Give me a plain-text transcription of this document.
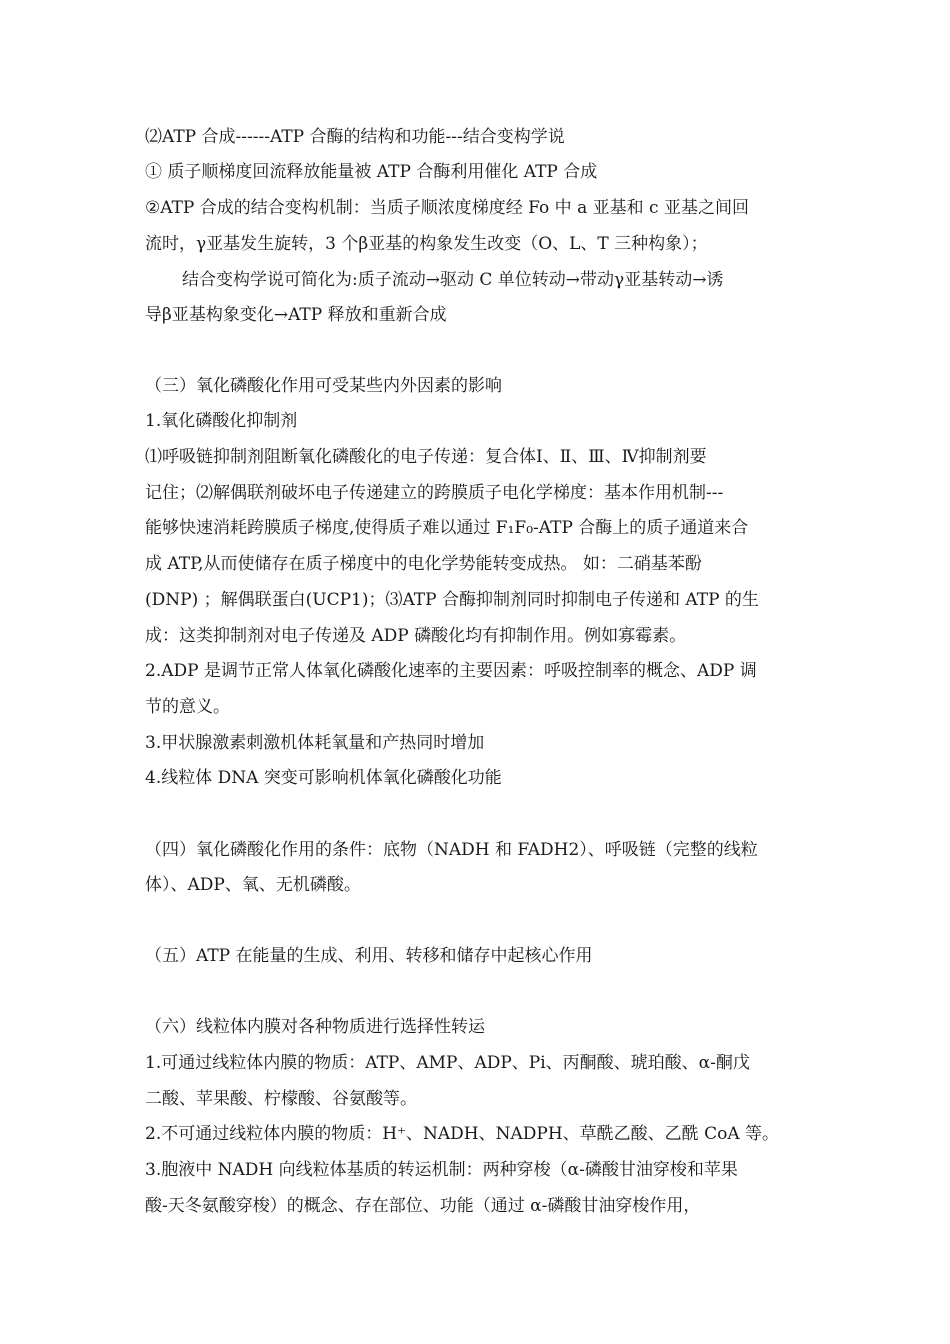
⑵ATP 合成------ATP 合酶的结构和功能---结合变构学说
① 质子顺梯度回流释放能量被 ATP 合酶利用催化 ATP 合成
②ATP 合成的结合变构机制：当质子顺浓度梯度经 Fo 中 a 亚基和 c 亚基之间回
流时，γ亚基发生旋转，3 个β亚基的构象发生改变（O、L、T 三种构象）；
结合变构学说可简化为:质子流动→驱动 C 单位转动→带动γ亚基转动→诱
导β亚基构象变化→ATP 释放和重新合成
（三）氧化磷酸化作用可受某些内外因素的影响
1.氧化磷酸化抑制剂
⑴呼吸链抑制剂阻断氧化磷酸化的电子传递：复合体Ⅰ、Ⅱ、Ⅲ、Ⅳ抑制剂要
记住；⑵解偶联剂破坏电子传递建立的跨膜质子电化学梯度：基本作用机制---
能够快速消耗跨膜质子梯度,使得质子难以通过 F₁F₀-ATP 合酶上的质子通道来合
成 ATP,从而使储存在质子梯度中的电化学势能转变成热。 如：二硝基苯酚
(DNP) ；解偶联蛋白(UCP1)；⑶ATP 合酶抑制剂同时抑制电子传递和 ATP 的生
成：这类抑制剂对电子传递及 ADP 磷酸化均有抑制作用。例如寡霉素。
2.ADP 是调节正常人体氧化磷酸化速率的主要因素：呼吸控制率的概念、ADP 调
节的意义。
3.甲状腺激素刺激机体耗氧量和产热同时增加
4.线粒体 DNA 突变可影响机体氧化磷酸化功能
（四）氧化磷酸化作用的条件：底物（NADH 和 FADH2）、呼吸链（完整的线粒
体）、ADP、氧、无机磷酸。
（五）ATP 在能量的生成、利用、转移和储存中起核心作用
（六）线粒体内膜对各种物质进行选择性转运
1.可通过线粒体内膜的物质：ATP、AMP、ADP、Pi、丙酮酸、琥珀酸、α-酮戊
二酸、苹果酸、柠檬酸、谷氨酸等。
2.不可通过线粒体内膜的物质：H⁺、NADH、NADPH、草酰乙酸、乙酰 CoA 等。
3.胞液中 NADH 向线粒体基质的转运机制：两种穿梭（α-磷酸甘油穿梭和苹果
酸-天冬氨酸穿梭）的概念、存在部位、功能（通过 α-磷酸甘油穿梭作用，
